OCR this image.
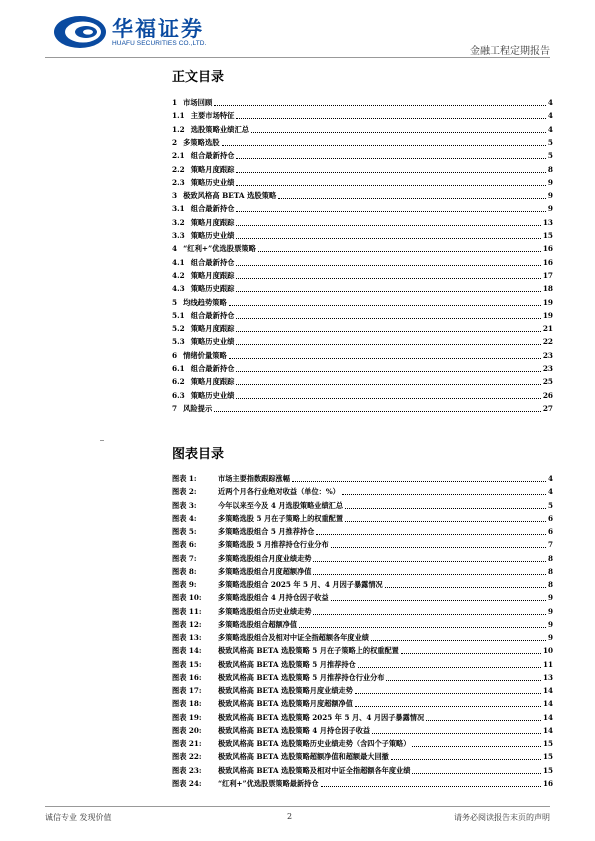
华福证券
HUAFU SECURITIES CO.,LTD.
金融工程定期报告
正文目录
1 市场回顾	4
1.1 主要市场特征	4
1.2 选股策略业绩汇总	4
2 多策略选股	5
2.1 组合最新持仓	5
2.2 策略月度跟踪	8
2.3 策略历史业绩	9
3 极致风格高 BETA 选股策略	9
3.1 组合最新持仓	9
3.2 策略月度跟踪	13
3.3 策略历史业绩	15
4 “红利+”优选股票策略	16
4.1 组合最新持仓	16
4.2 策略月度跟踪	17
4.3 策略历史跟踪	18
5 均线趋势策略	19
5.1 组合最新持仓	19
5.2 策略月度跟踪	21
5.3 策略历史业绩	22
6 情绪价量策略	23
6.1 组合最新持仓	23
6.2 策略月度跟踪	25
6.3 策略历史业绩	26
7 风险提示	27
图表目录
图表 1:	市场主要指数跟踪涨幅	4
图表 2:	近两个月各行业绝对收益（单位：%）	4
图表 3:	今年以来至今及 4 月选股策略业绩汇总	5
图表 4:	多策略选股 5 月在子策略上的权重配置	6
图表 5:	多策略选股组合 5 月推荐持仓	6
图表 6:	多策略选股 5 月推荐持仓行业分布	7
图表 7:	多策略选股组合月度业绩走势	8
图表 8:	多策略选股组合月度超额净值	8
图表 9:	多策略选股组合 2025 年 5 月、4 月因子暴露情况	8
图表 10:	多策略选股组合 4 月持仓因子收益	9
图表 11:	多策略选股组合历史业绩走势	9
图表 12:	多策略选股组合超额净值	9
图表 13:	多策略选股组合及相对中证全指超额各年度业绩	9
图表 14:	极致风格高 BETA 选股策略 5 月在子策略上的权重配置	10
图表 15:	极致风格高 BETA 选股策略 5 月推荐持仓	11
图表 16:	极致风格高 BETA 选股策略 5 月推荐持仓行业分布	13
图表 17:	极致风格高 BETA 选股策略月度业绩走势	14
图表 18:	极致风格高 BETA 选股策略月度超额净值	14
图表 19:	极致风格高 BETA 选股策略 2025 年 5 月、4 月因子暴露情况	14
图表 20:	极致风格高 BETA 选股策略 4 月持仓因子收益	14
图表 21:	极致风格高 BETA 选股策略历史业绩走势（含四个子策略）	15
图表 22:	极致风格高 BETA 选股策略超额净值和超额最大回撤	15
图表 23:	极致风格高 BETA 选股策略及相对中证全指超额各年度业绩	15
图表 24:	“红利+”优选股票策略最新持仓	16
诚信专业 发现价值	2	请务必阅读报告末页的声明
